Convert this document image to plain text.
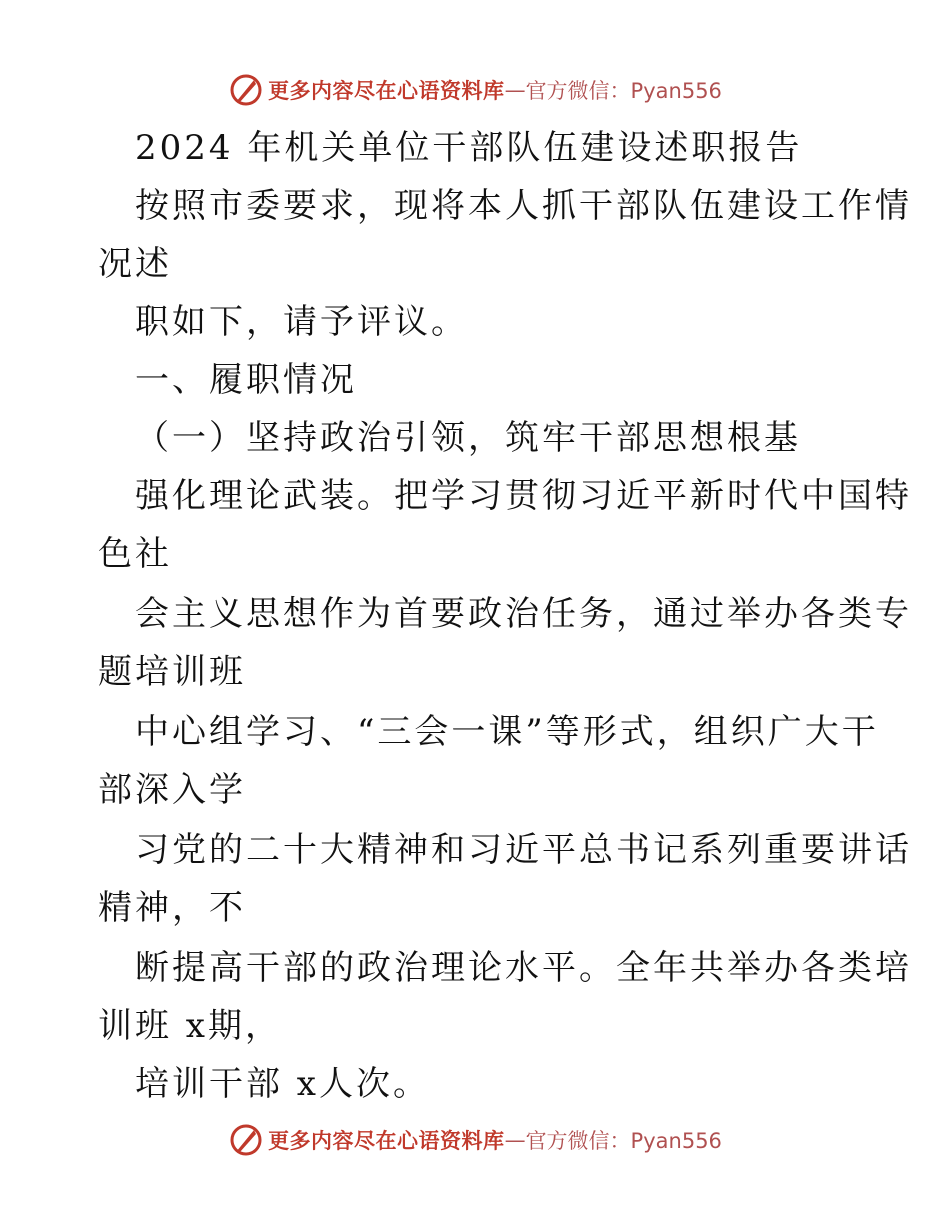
更多内容尽在心语资料库 — 官方微信：Pyan556
2024 年机关单位干部队伍建设述职报告
按照市委要求，现将本人抓干部队伍建设工作情
况述
职如下，请予评议。
一、履职情况
（一）坚持政治引领，筑牢干部思想根基
强化理论武装。把学习贯彻习近平新时代中国特
色社
会主义思想作为首要政治任务，通过举办各类专
题培训班
中心组学习、“三会一课”等形式，组织广大干
部深入学
习党的二十大精神和习近平总书记系列重要讲话
精神，不
断提高干部的政治理论水平。全年共举办各类培
训班 x期，
培训干部 x人次。
更多内容尽在心语资料库 — 官方微信：Pyan556
